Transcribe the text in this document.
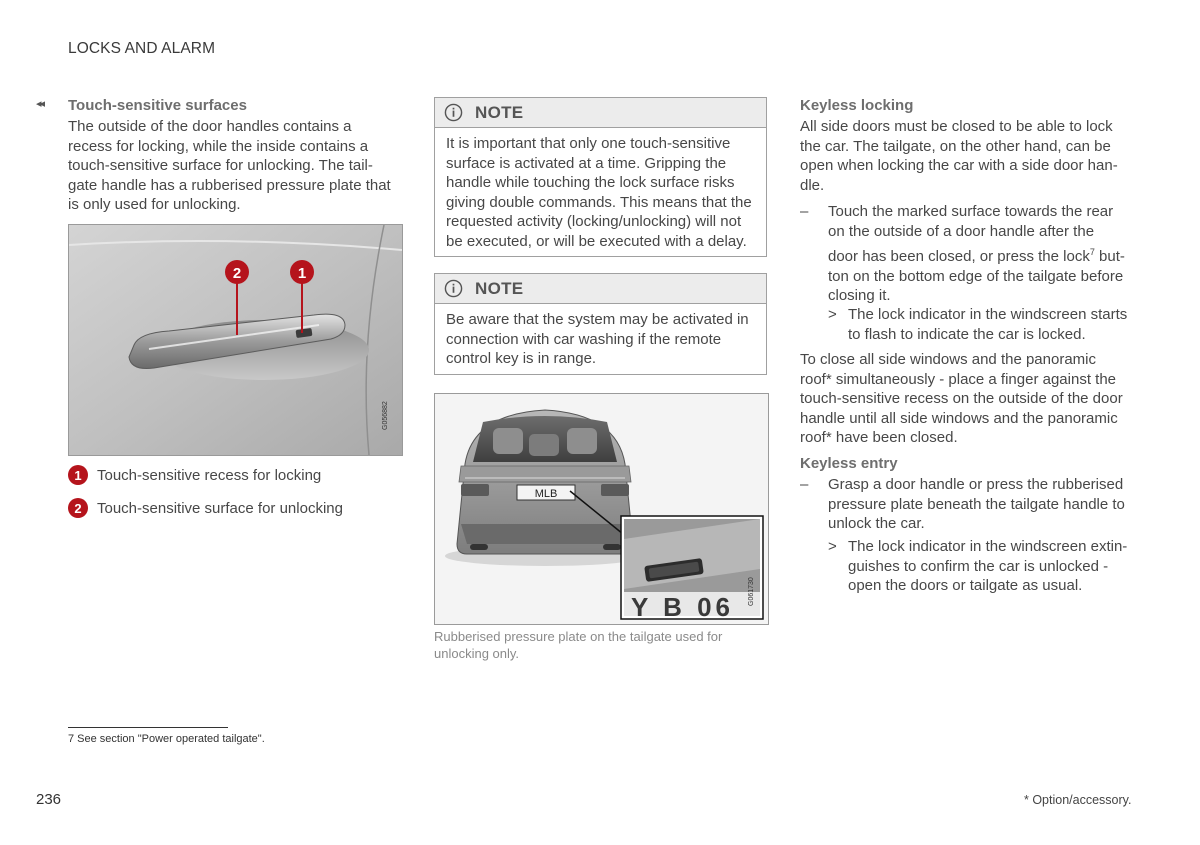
LOCKS AND ALARM
◂◂ Touch-sensitive surfaces
The outside of the door handles contains a
recess for locking, while the inside contains a
touch-sensitive surface for unlocking. The tail-
gate handle has a rubberised pressure plate that
is only used for unlocking.
2	1
G056882
1	Touch-sensitive recess for locking
2	Touch-sensitive surface for unlocking
NOTE
It is important that only one touch-sensitive
surface is activated at a time. Gripping the
handle while touching the lock surface risks
giving double commands. This means that the
requested activity (locking/unlocking) will not
be executed, or will be executed with a delay.
NOTE
Be aware that the system may be activated in
connection with car washing if the remote
control key is in range.
MLB
Y B 06
G061730
Rubberised pressure plate on the tailgate used for
unlocking only.
Keyless locking
All side doors must be closed to be able to lock
the car. The tailgate, on the other hand, can be
open when locking the car with a side door han-
dle.
– Touch the marked surface towards the rear
on the outside of a door handle after the
door has been closed, or press the lock$^7$ but-
ton on the bottom edge of the tailgate before
closing it.
> The lock indicator in the windscreen starts
to flash to indicate the car is locked.
To close all side windows and the panoramic
roof* simultaneously - place a finger against the
touch-sensitive recess on the outside of the door
handle until all side windows and the panoramic
roof* have been closed.
Keyless entry
– Grasp a door handle or press the rubberised
pressure plate beneath the tailgate handle to
unlock the car.
> The lock indicator in the windscreen extin-
guishes to confirm the car is unlocked -
open the doors or tailgate as usual.
7 See section "Power operated tailgate".
236	* Option/accessory.
